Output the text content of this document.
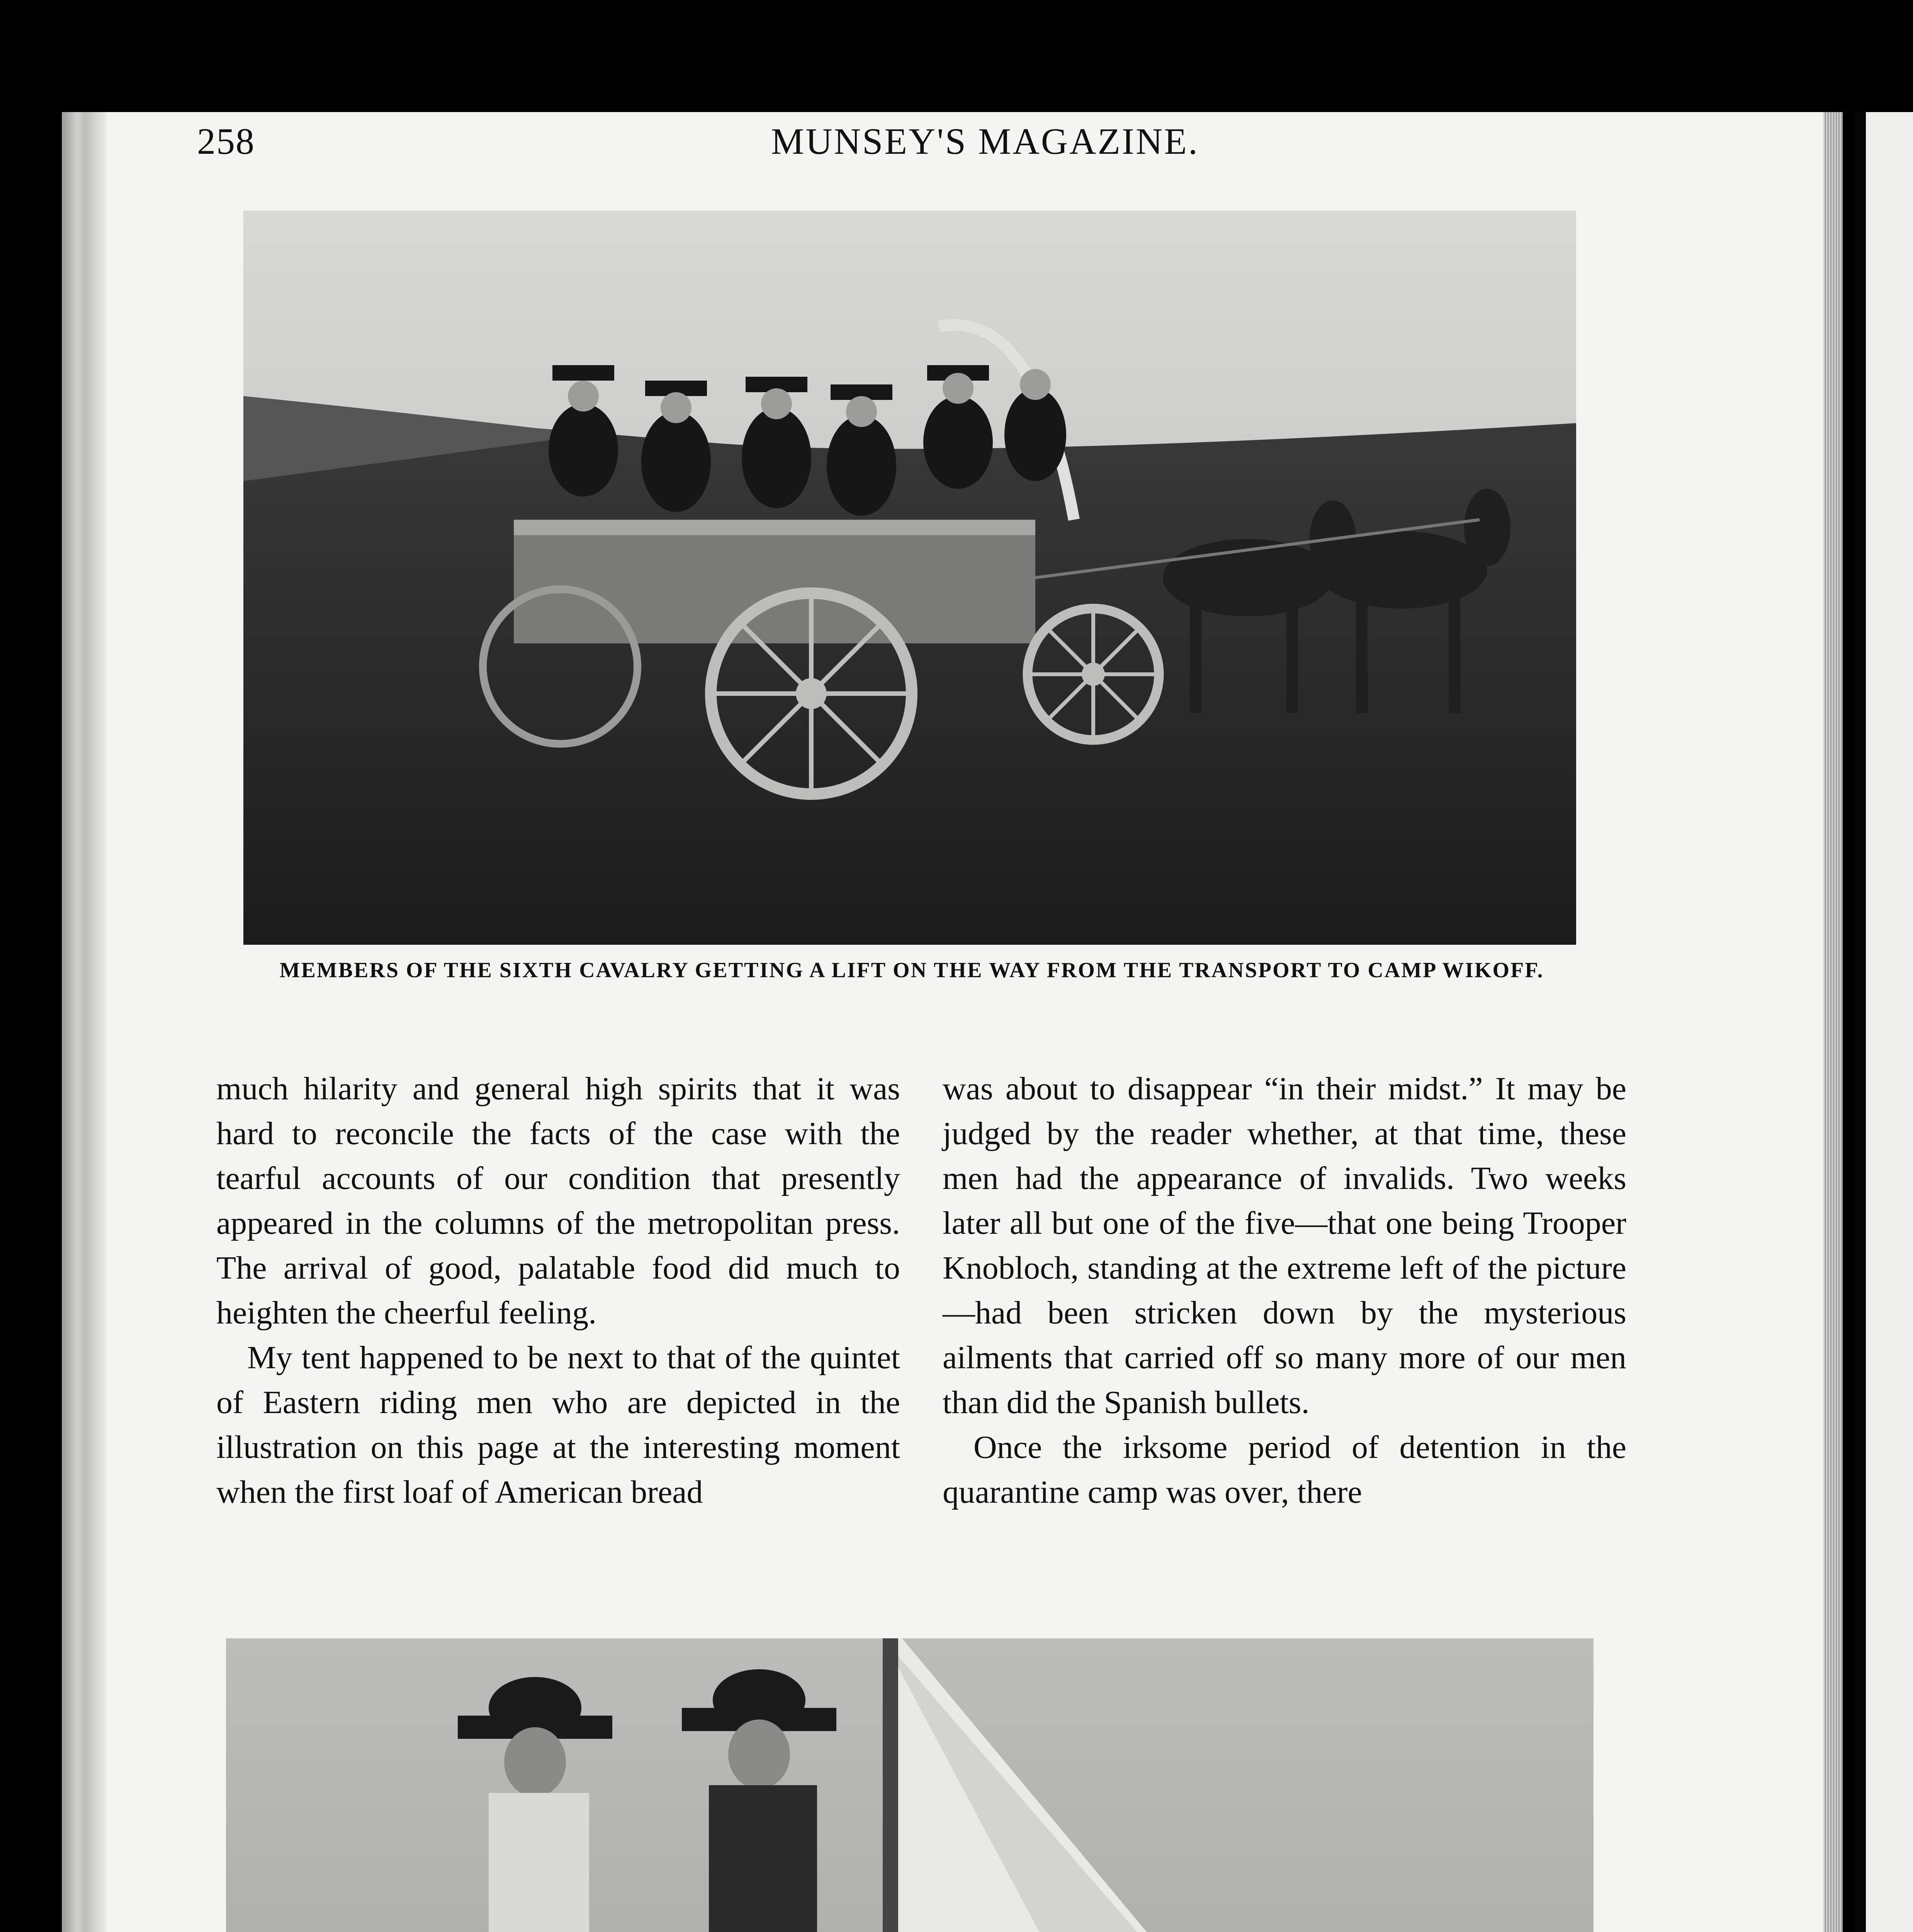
258	MUNSEY'S MAGAZINE.
MEMBERS OF THE SIXTH CAVALRY GETTING A LIFT ON THE WAY FROM THE TRANSPORT TO CAMP WIKOFF.

much hilarity and general high spirits that it was hard to reconcile the facts of the case with the tearful accounts of our condition that presently appeared in the columns of the metropolitan press. The arrival of good, palatable food did much to heighten the cheerful feeling.

My tent happened to be next to that of the quintet of Eastern riding men who are depicted in the illustration on this page at the interesting moment when the first loaf of American bread

was about to disappear “in their midst.” It may be judged by the reader whether, at that time, these men had the appearance of invalids. Two weeks later all but one of the five—that one being Trooper Knobloch, standing at the extreme left of the picture—had been stricken down by the mysterious ailments that carried off so many more of our men than did the Spanish bullets.

Once the irksome period of detention in the quarantine camp was over, there
